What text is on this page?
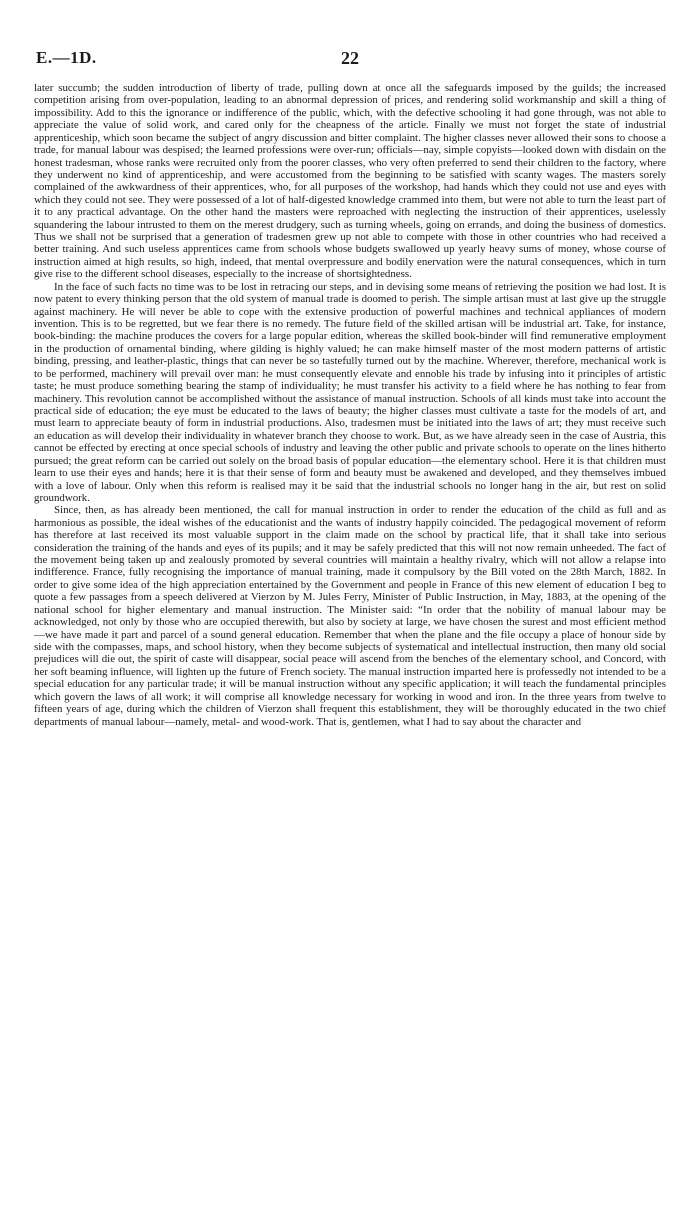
E.—1D.	22

later succumb; the sudden introduction of liberty of trade, pulling down at once all the safeguards imposed by the guilds; the increased competition arising from over-population, leading to an abnormal depression of prices, and rendering solid workmanship and skill a thing of impossibility. Add to this the ignorance or indifference of the public, which, with the defective schooling it had gone through, was not able to appreciate the value of solid work, and cared only for the cheapness of the article. Finally we must not forget the state of industrial apprenticeship, which soon became the subject of angry discussion and bitter complaint. The higher classes never allowed their sons to choose a trade, for manual labour was despised; the learned professions were over-run; officials—nay, simple copyists—looked down with disdain on the honest tradesman, whose ranks were recruited only from the poorer classes, who very often preferred to send their children to the factory, where they underwent no kind of apprenticeship, and were accustomed from the beginning to be satisfied with scanty wages. The masters sorely complained of the awkwardness of their apprentices, who, for all purposes of the workshop, had hands which they could not use and eyes with which they could not see. They were possessed of a lot of half-digested knowledge crammed into them, but were not able to turn the least part of it to any practical advantage. On the other hand the masters were reproached with neglecting the instruction of their apprentices, uselessly squandering the labour intrusted to them on the merest drudgery, such as turning wheels, going on errands, and doing the business of domestics. Thus we shall not be surprised that a generation of tradesmen grew up not able to compete with those in other countries who had received a better training. And such useless apprentices came from schools whose budgets swallowed up yearly heavy sums of money, whose course of instruction aimed at high results, so high, indeed, that mental overpressure and bodily enervation were the natural consequences, which in turn give rise to the different school diseases, especially to the increase of shortsightedness.

In the face of such facts no time was to be lost in retracing our steps, and in devising some means of retrieving the position we had lost. It is now patent to every thinking person that the old system of manual trade is doomed to perish. The simple artisan must at last give up the struggle against machinery. He will never be able to cope with the extensive production of powerful machines and technical appliances of modern invention. This is to be regretted, but we fear there is no remedy. The future field of the skilled artisan will be industrial art. Take, for instance, book-binding: the machine produces the covers for a large popular edition, whereas the skilled book-binder will find remunerative employment in the production of ornamental binding, where gilding is highly valued; he can make himself master of the most modern patterns of artistic binding, pressing, and leather-plastic, things that can never be so tastefully turned out by the machine. Wherever, therefore, mechanical work is to be performed, machinery will prevail over man: he must consequently elevate and ennoble his trade by infusing into it principles of artistic taste; he must produce something bearing the stamp of individuality; he must transfer his activity to a field where he has nothing to fear from machinery. This revolution cannot be accomplished without the assistance of manual instruction. Schools of all kinds must take into account the practical side of education; the eye must be educated to the laws of beauty; the higher classes must cultivate a taste for the models of art, and must learn to appreciate beauty of form in industrial productions. Also, tradesmen must be initiated into the laws of art; they must receive such an education as will develop their individuality in whatever branch they choose to work. But, as we have already seen in the case of Austria, this cannot be effected by erecting at once special schools of industry and leaving the other public and private schools to operate on the lines hitherto pursued; the great reform can be carried out solely on the broad basis of popular education—the elementary school. Here it is that children must learn to use their eyes and hands; here it is that their sense of form and beauty must be awakened and developed, and they themselves imbued with a love of labour. Only when this reform is realised may it be said that the industrial schools no longer hang in the air, but rest on solid groundwork.

Since, then, as has already been mentioned, the call for manual instruction in order to render the education of the child as full and as harmonious as possible, the ideal wishes of the educationist and the wants of industry happily coincided. The pedagogical movement of reform has therefore at last received its most valuable support in the claim made on the school by practical life, that it shall take into serious consideration the training of the hands and eyes of its pupils; and it may be safely predicted that this will not now remain unheeded. The fact of the movement being taken up and zealously promoted by several countries will maintain a healthy rivalry, which will not allow a relapse into indifference. France, fully recognising the importance of manual training, made it compulsory by the Bill voted on the 28th March, 1882. In order to give some idea of the high appreciation entertained by the Government and people in France of this new element of education I beg to quote a few passages from a speech delivered at Vierzon by M. Jules Ferry, Minister of Public Instruction, in May, 1883, at the opening of the national school for higher elementary and manual instruction. The Minister said: “In order that the nobility of manual labour may be acknowledged, not only by those who are occupied therewith, but also by society at large, we have chosen the surest and most efficient method—we have made it part and parcel of a sound general education. Remember that when the plane and the file occupy a place of honour side by side with the compasses, maps, and school history, when they become subjects of systematical and intellectual instruction, then many old social prejudices will die out, the spirit of caste will disappear, social peace will ascend from the benches of the elementary school, and Concord, with her soft beaming influence, will lighten up the future of French society. The manual instruction imparted here is professedly not intended to be a special education for any particular trade; it will be manual instruction without any specific application; it will teach the fundamental principles which govern the laws of all work; it will comprise all knowledge necessary for working in wood and iron. In the three years from twelve to fifteen years of age, during which the children of Vierzon shall frequent this establishment, they will be thoroughly educated in the two chief departments of manual labour—namely, metal- and wood-work. That is, gentlemen, what I had to say about the character and
